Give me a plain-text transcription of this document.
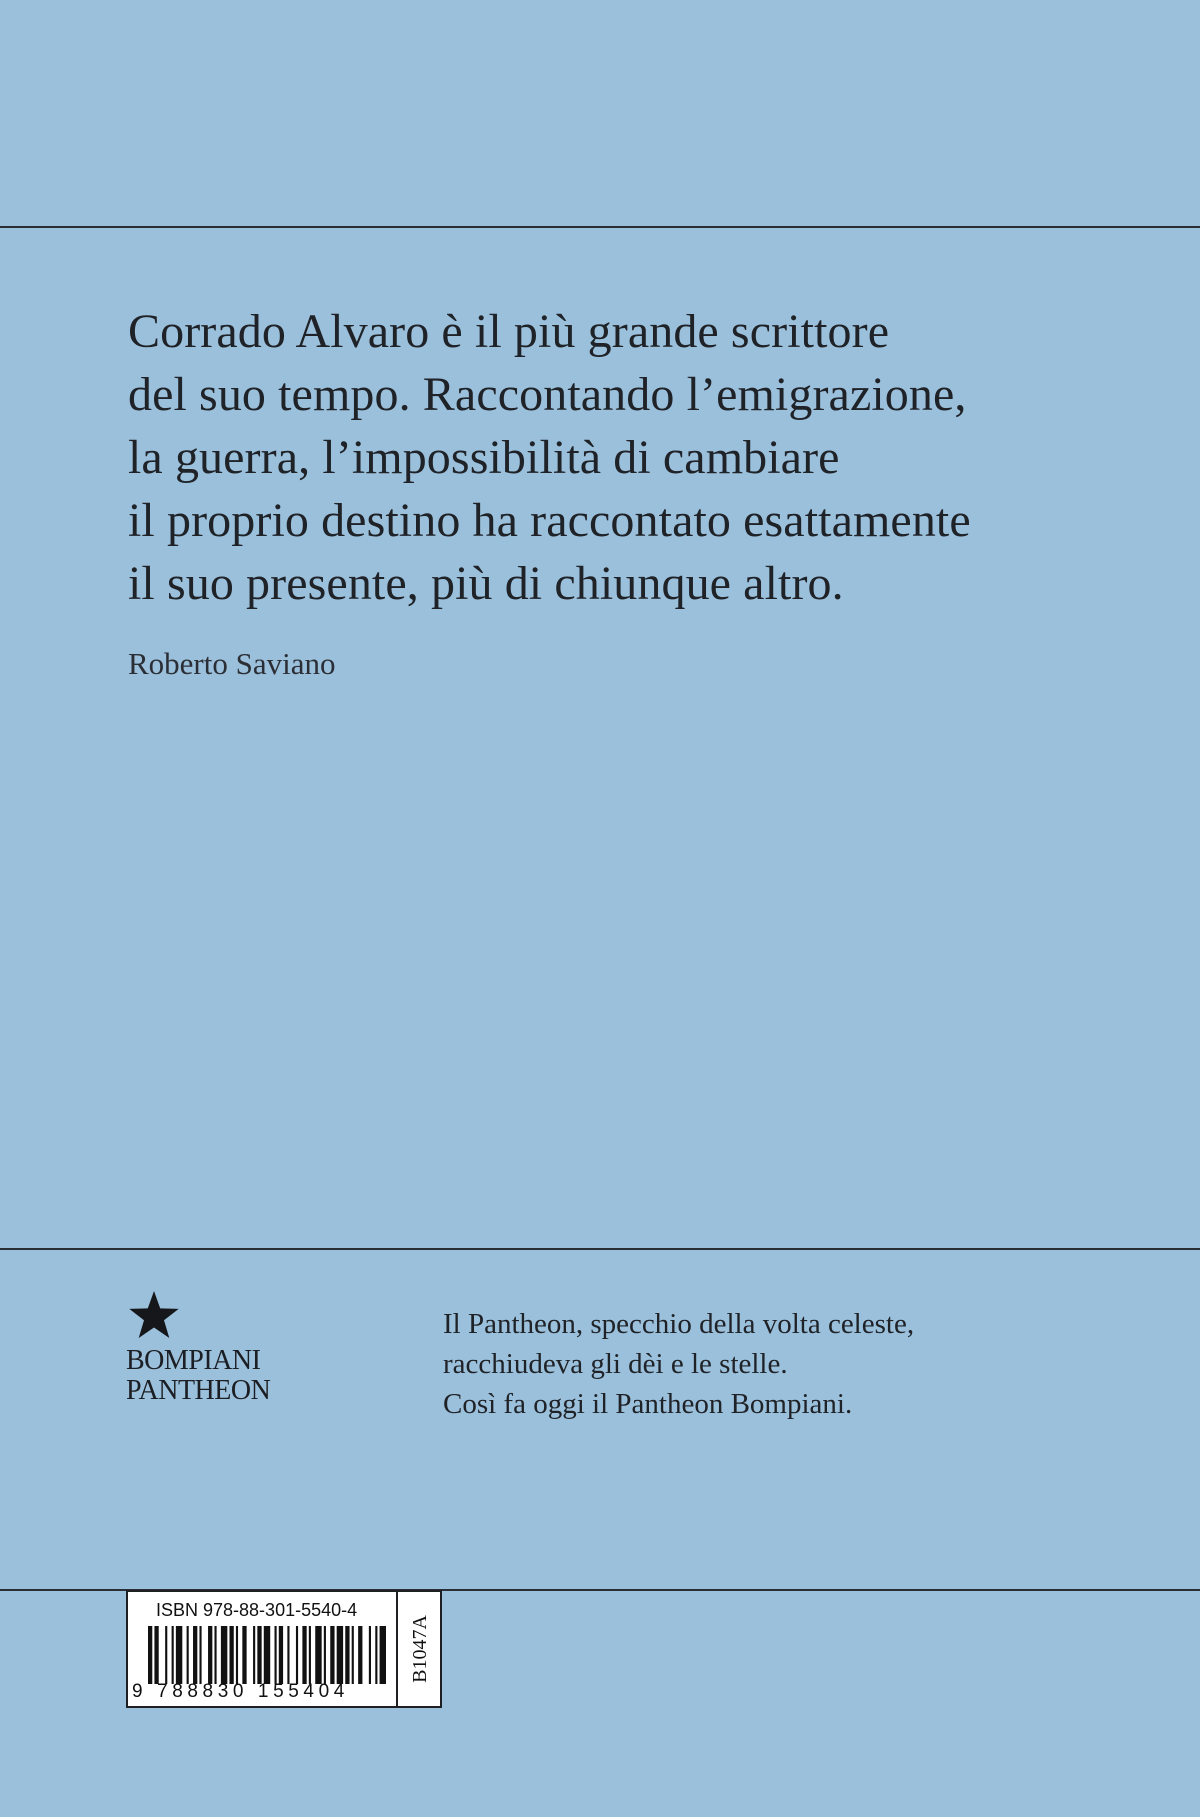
Corrado Alvaro è il più grande scrittore
del suo tempo. Raccontando l’emigrazione,
la guerra, l’impossibilità di cambiare
il proprio destino ha raccontato esattamente
il suo presente, più di chiunque altro.
Roberto Saviano
BOMPIANI
PANTHEON
Il Pantheon, specchio della volta celeste,
racchiudeva gli dèi e le stelle.
Così fa oggi il Pantheon Bompiani.
ISBN 978-88-301-5540-4
9 788830 155404
B1047A
